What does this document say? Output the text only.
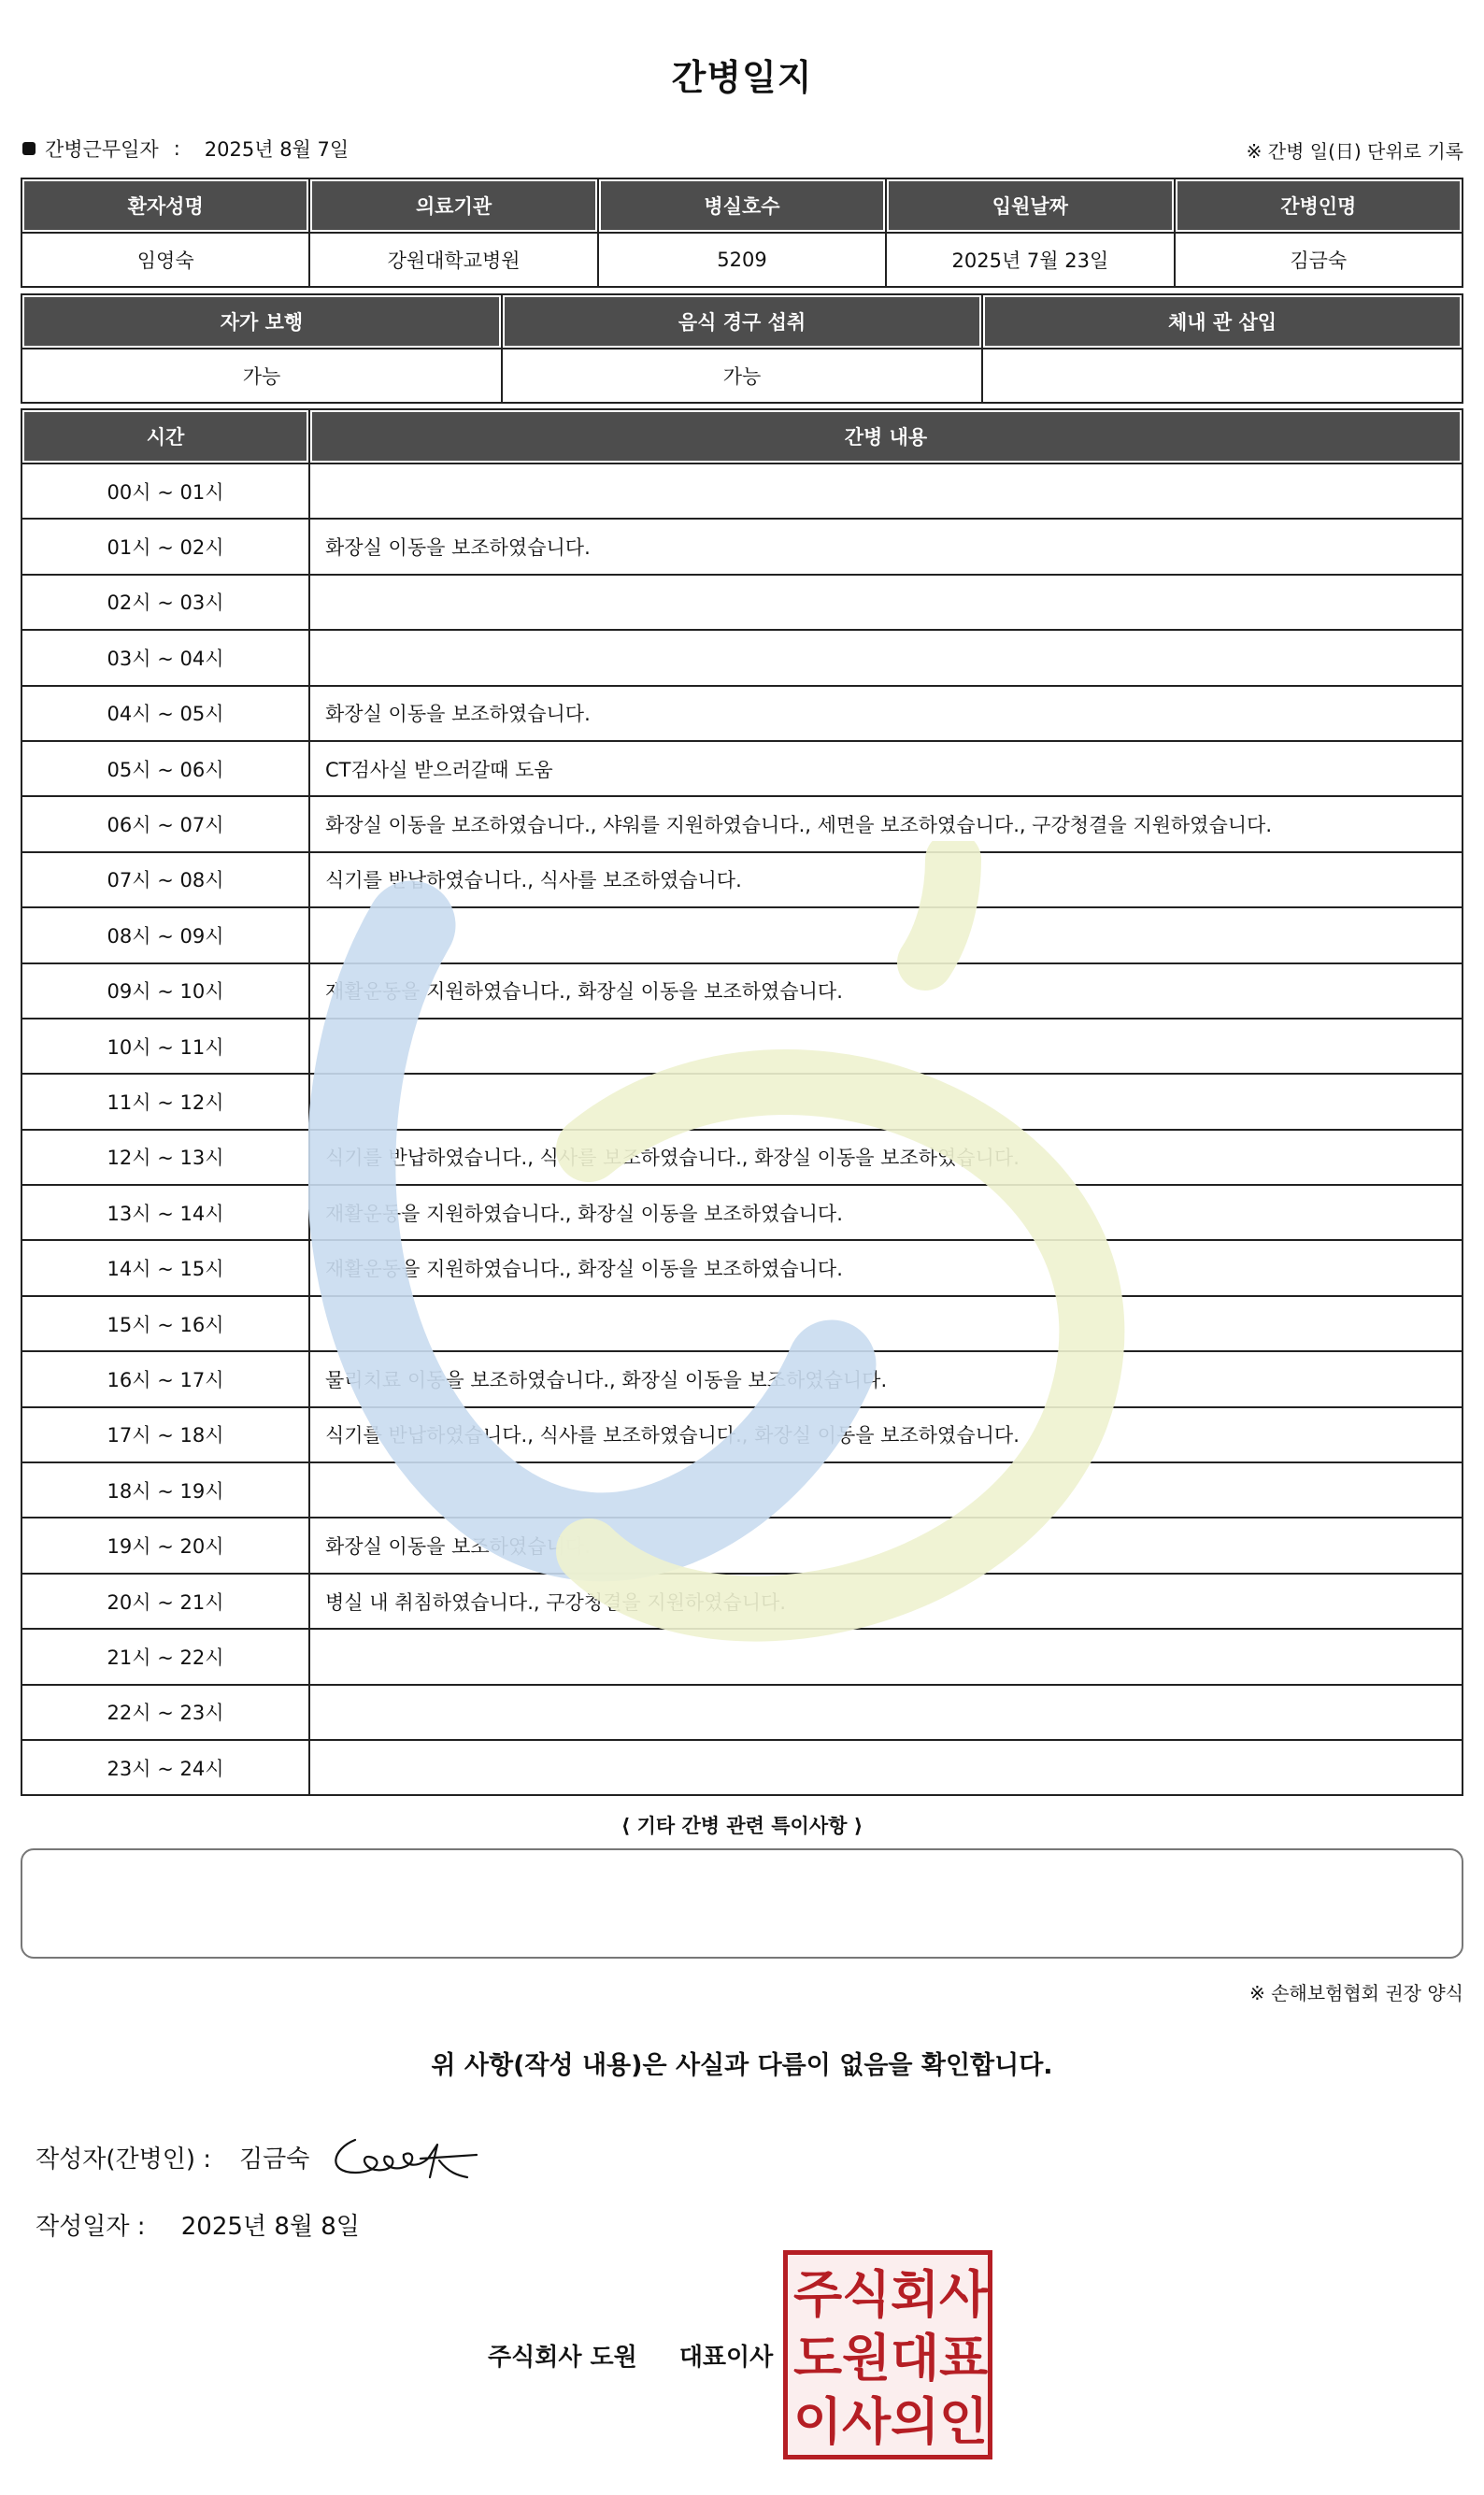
간병일지
간병근무일자 : 2025년 8월 7일	※ 간병 일(日) 단위로 기록
환자성명	의료기관	병실호수	입원날짜	간병인명
임영숙	강원대학교병원	5209	2025년 7월 23일	김금숙
자가 보행	음식 경구 섭취	체내 관 삽입
가능	가능	
시간	간병 내용
00시 ~ 01시	
01시 ~ 02시	화장실 이동을 보조하였습니다.
02시 ~ 03시	
03시 ~ 04시	
04시 ~ 05시	화장실 이동을 보조하였습니다.
05시 ~ 06시	CT검사실 받으러갈때 도움
06시 ~ 07시	화장실 이동을 보조하였습니다., 샤워를 지원하였습니다., 세면을 보조하였습니다., 구강청결을 지원하였습니다.
07시 ~ 08시	식기를 반납하였습니다., 식사를 보조하였습니다.
08시 ~ 09시	
09시 ~ 10시	재활운동을 지원하였습니다., 화장실 이동을 보조하였습니다.
10시 ~ 11시	
11시 ~ 12시	
12시 ~ 13시	식기를 반납하였습니다., 식사를 보조하였습니다., 화장실 이동을 보조하였습니다.
13시 ~ 14시	재활운동을 지원하였습니다., 화장실 이동을 보조하였습니다.
14시 ~ 15시	재활운동을 지원하였습니다., 화장실 이동을 보조하였습니다.
15시 ~ 16시	
16시 ~ 17시	물리치료 이동을 보조하였습니다., 화장실 이동을 보조하였습니다.
17시 ~ 18시	식기를 반납하였습니다., 식사를 보조하였습니다., 화장실 이동을 보조하였습니다.
18시 ~ 19시	
19시 ~ 20시	화장실 이동을 보조하였습니다.
20시 ~ 21시	병실 내 취침하였습니다., 구강청결을 지원하였습니다.
21시 ~ 22시	
22시 ~ 23시	
23시 ~ 24시	
⟨ 기타 간병 관련 특이사항 ⟩
※ 손해보험협회 권장 양식
위 사항(작성 내용)은 사실과 다름이 없음을 확인합니다.
작성자(간병인) : 김금숙
작성일자 : 2025년 8월 8일
주식회사 도원 대표이사
주 식 회 사
도 원 대 표
이 사 의 인
